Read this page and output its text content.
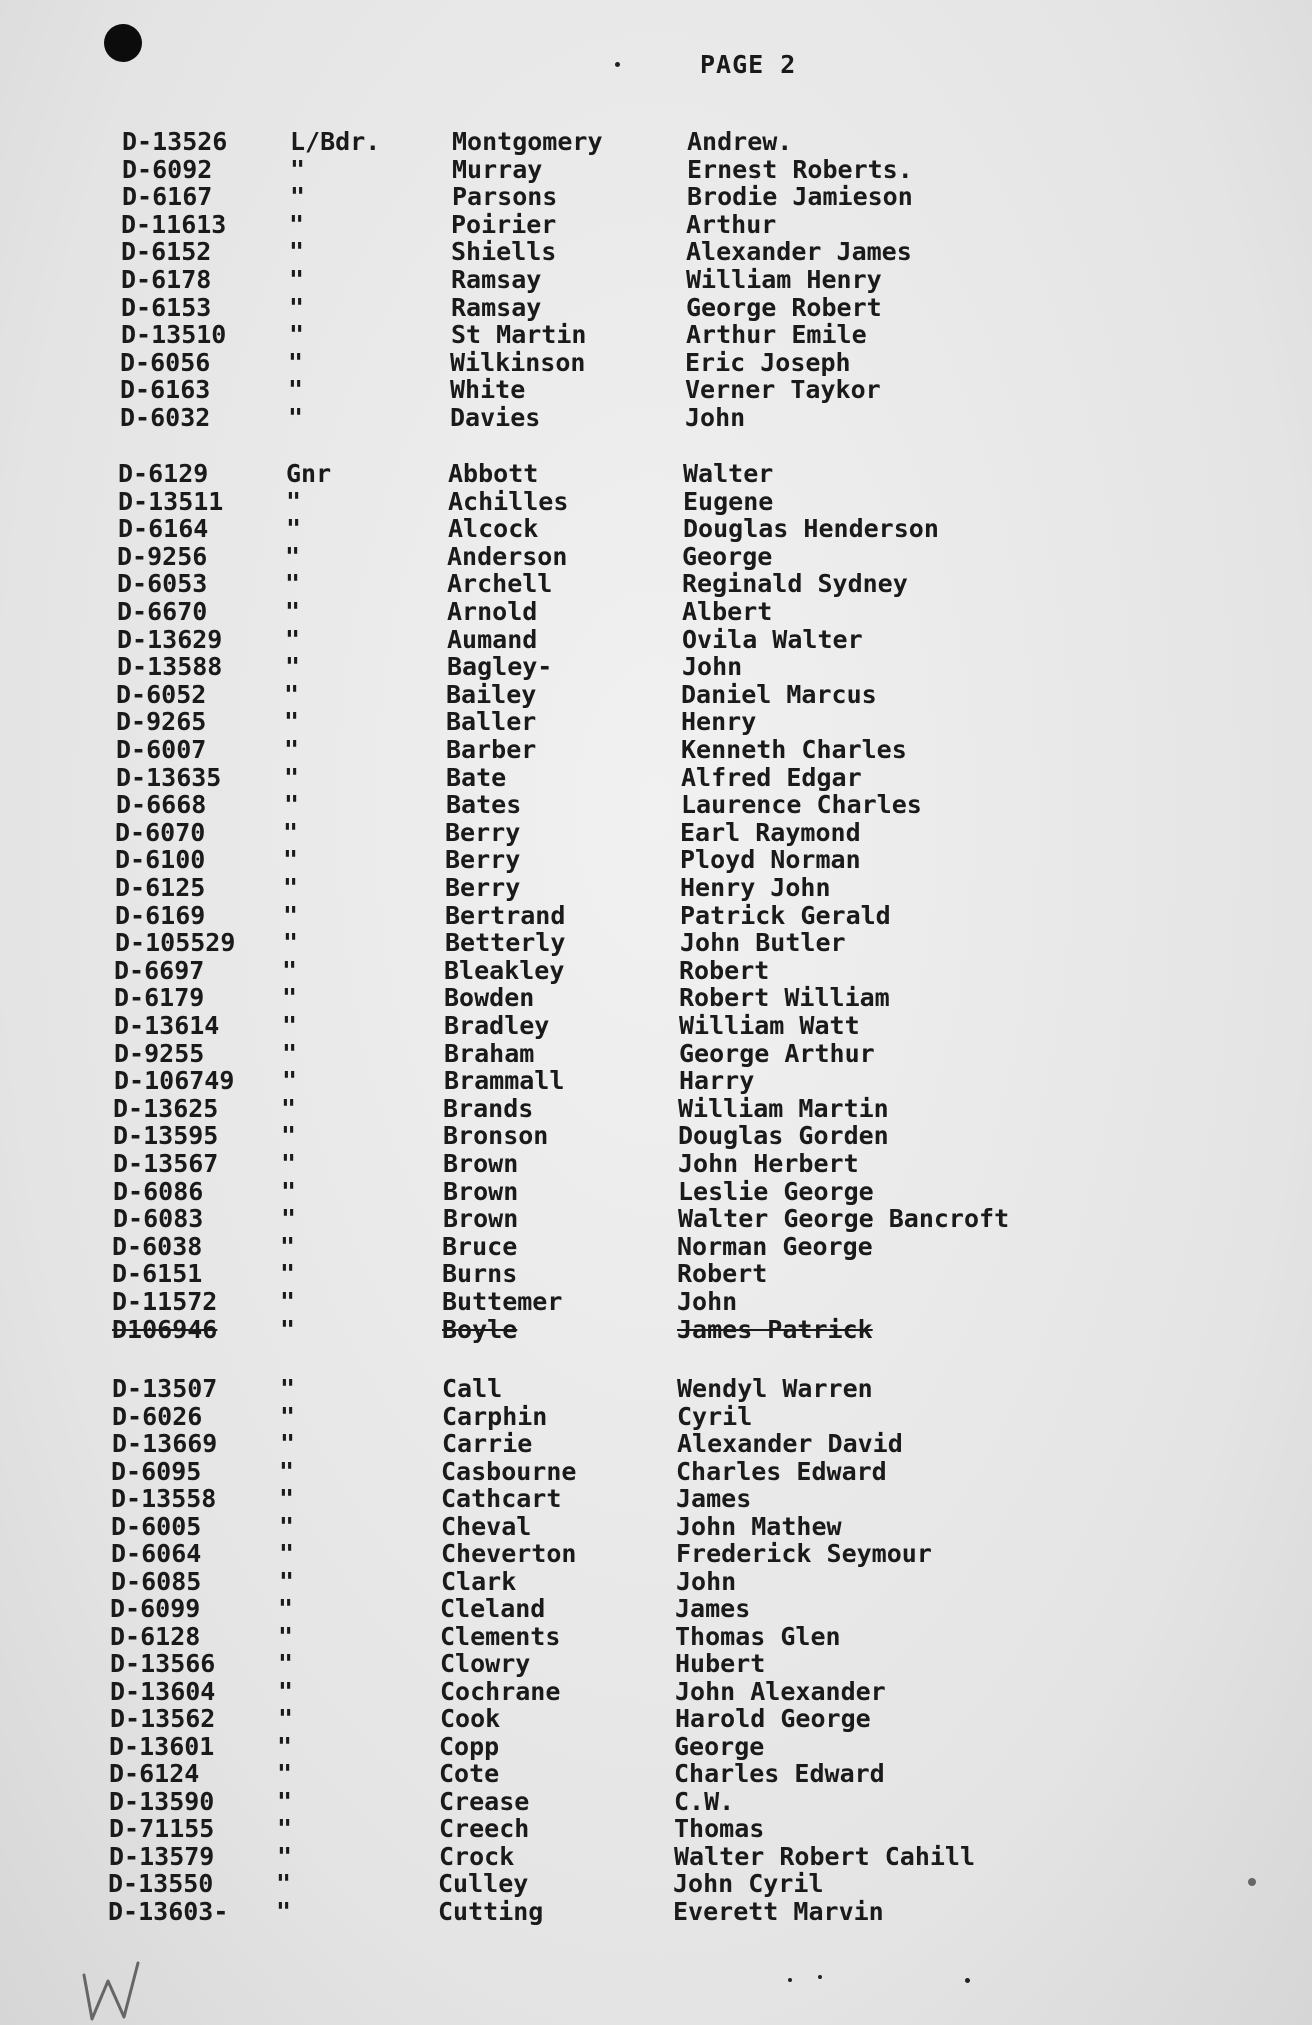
PAGE 2
D-13526	L/Bdr.	Montgomery	Andrew.
D-6092	"	Murray	Ernest Roberts.
D-6167	"	Parsons	Brodie Jamieson
D-11613	"	Poirier	Arthur
D-6152	"	Shiells	Alexander James
D-6178	"	Ramsay	William Henry
D-6153	"	Ramsay	George Robert
D-13510	"	St Martin	Arthur Emile
D-6056	"	Wilkinson	Eric Joseph
D-6163	"	White	Verner Taykor
D-6032	"	Davies	John
D-6129	Gnr	Abbott	Walter
D-13511	"	Achilles	Eugene
D-6164	"	Alcock	Douglas Henderson
D-9256	"	Anderson	George
D-6053	"	Archell	Reginald Sydney
D-6670	"	Arnold	Albert
D-13629	"	Aumand	Ovila Walter
D-13588	"	Bagley-	John
D-6052	"	Bailey	Daniel Marcus
D-9265	"	Baller	Henry
D-6007	"	Barber	Kenneth Charles
D-13635	"	Bate	Alfred Edgar
D-6668	"	Bates	Laurence Charles
D-6070	"	Berry	Earl Raymond
D-6100	"	Berry	Ployd Norman
D-6125	"	Berry	Henry John
D-6169	"	Bertrand	Patrick Gerald
D-105529 "	Betterly	John Butler
D-6697	"	Bleakley	Robert
D-6179	"	Bowden	Robert William
D-13614	"	Bradley	William Watt
D-9255	"	Braham	George Arthur
D-106749 "	Brammall	Harry
D-13625	"	Brands	William Martin
D-13595	"	Bronson	Douglas Gorden
D-13567	"	Brown	John Herbert
D-6086	"	Brown	Leslie George
D-6083	"	Brown	Walter George Bancroft
D-6038	"	Bruce	Norman George
D-6151	"	Burns	Robert
D-11572	"	Buttemer	John
D106946	"	Boyle	James Patrick
D-13507	"	Call	Wendyl Warren
D-6026	"	Carphin	Cyril
D-13669	"	Carrie	Alexander David
D-6095	"	Casbourne	Charles Edward
D-13558	"	Cathcart	James
D-6005	"	Cheval	John Mathew
D-6064	"	Cheverton	Frederick Seymour
D-6085	"	Clark	John
D-6099	"	Cleland	James
D-6128	"	Clements	Thomas Glen
D-13566	"	Clowry	Hubert
D-13604	"	Cochrane	John Alexander
D-13562	"	Cook	Harold George
D-13601	"	Copp	George
D-6124	"	Cote	Charles Edward
D-13590	"	Crease	C.W.
D-71155	"	Creech	Thomas
D-13579	"	Crock	Walter Robert Cahill
D-13550	"	Culley	John Cyril
D-13603- "	Cutting	Everett Marvin
